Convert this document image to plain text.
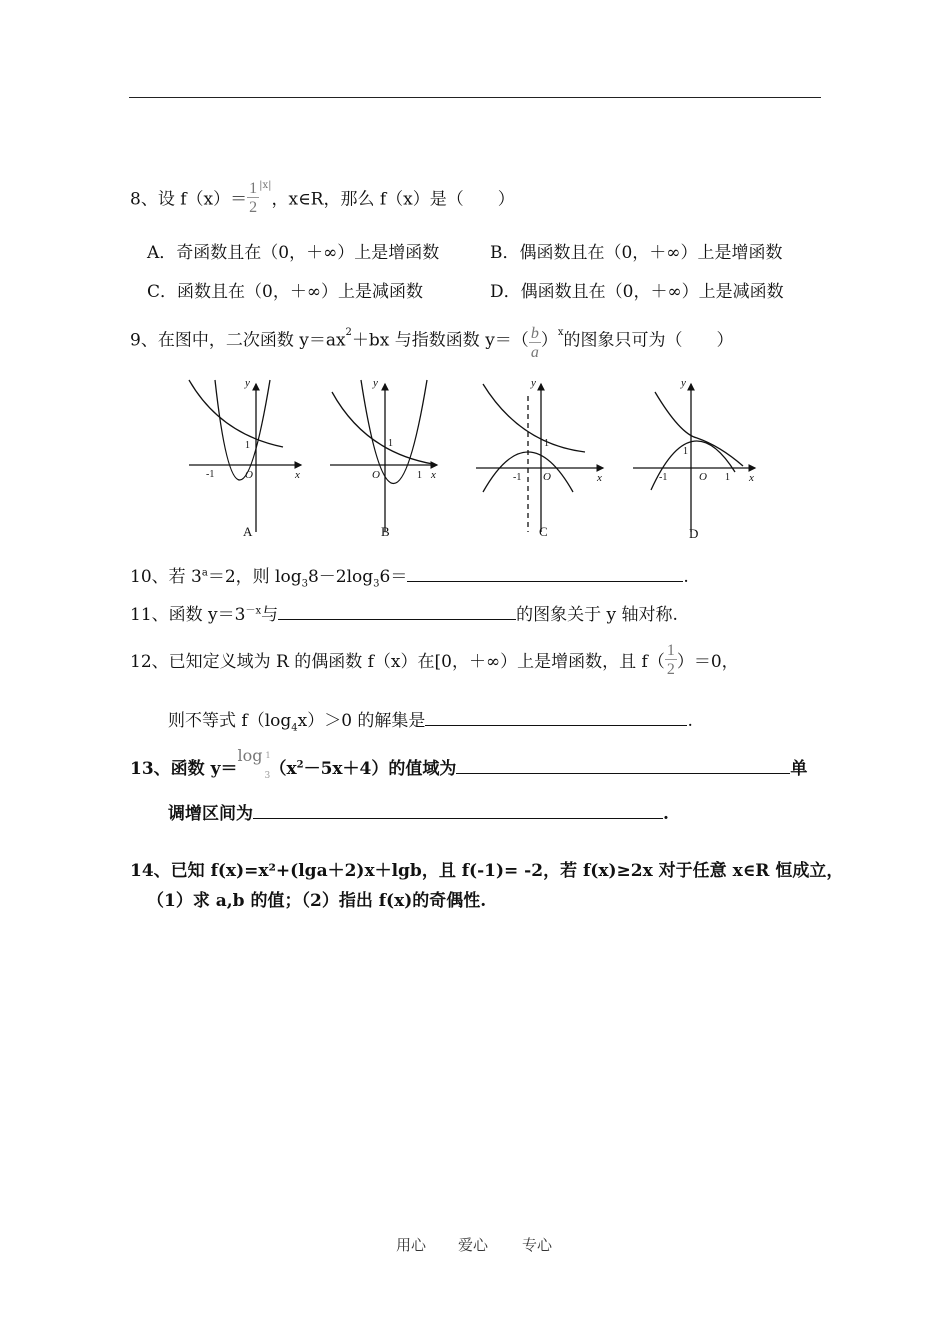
8、设 $f(x)= \frac{1}{2} ^{|x|}$，x∈R，那么 f（x）是（　　）
A．奇函数且在（0，＋∞）上是增函数	B．偶函数且在（0，＋∞）上是增函数
C．函数且在（0，＋∞）上是减函数	D．偶函数且在（0，＋∞）上是减函数
9、在图中，二次函数 $y=ax^2+bx$ 与指数函数 $y=( \frac{b}{a} )^x$的图象只可为（　　）
y
x
1
O
-1
A
y
x
1
O	1
B
y
x
1
O
-1
C
y
x
1
O
-1	1
D
10、若 $3^a=2$，则 $\log_38-2\log_36=$	.
11、函数 $y=3^{-x}$与	的图象关于 y 轴对称.
12、已知定义域为 R 的偶函数 f（x）在[0，＋∞）上是增函数，且 $f( \frac{1}{2} )=0$，
则不等式 $f(\log_4x)>0$ 的解集是	.
13、函数 y＝
log 1
3 $(x^2-5x+4)$的值域为	单
调增区间为	.
14、已知 f(x)=x²+(lga＋2)x＋lgb，且 f(-1)= -2，若 f(x)≥2x 对于任意 x∈R 恒成立，
（1）求 a,b 的值；（2）指出 f(x)的奇偶性.
用心 爱心 专心
